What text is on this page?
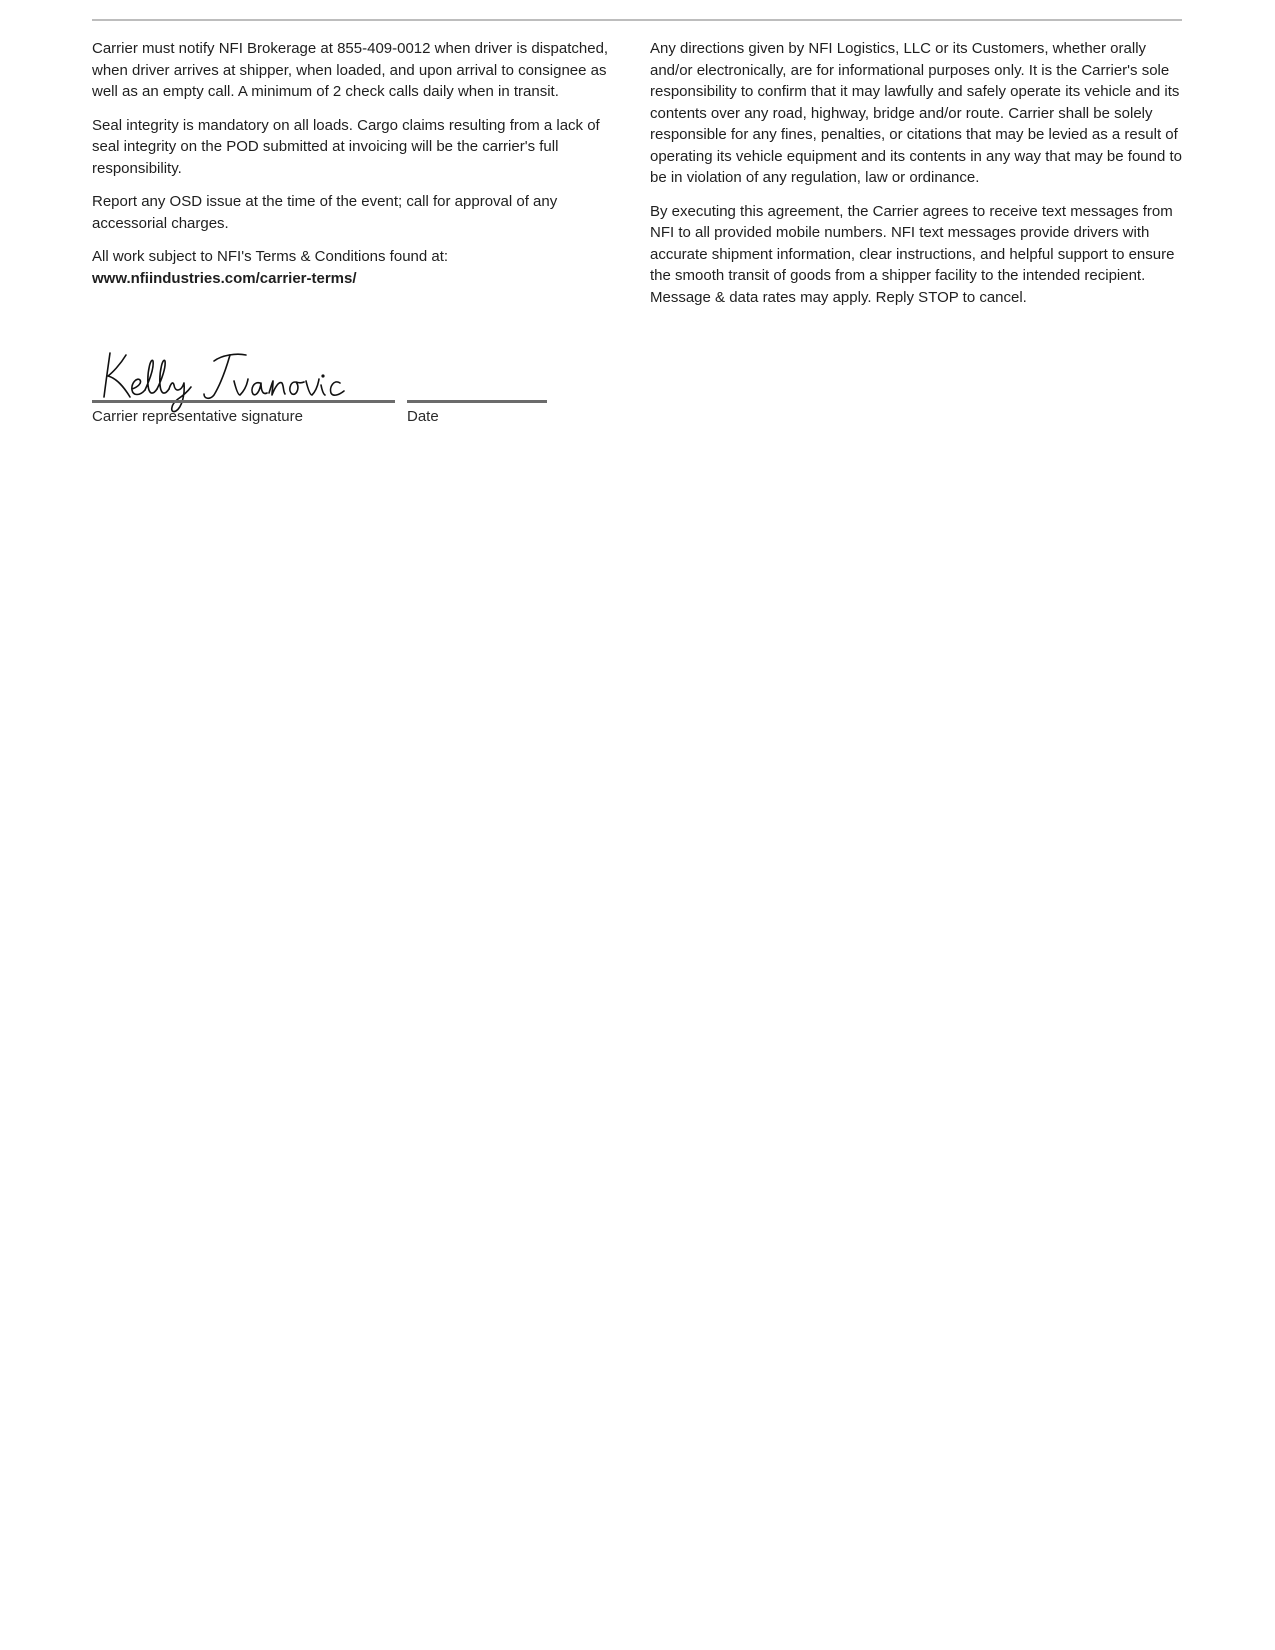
Carrier must notify NFI Brokerage at 855-409-0012 when driver is dispatched, when driver arrives at shipper, when loaded, and upon arrival to consignee as well as an empty call. A minimum of 2 check calls daily when in transit.

Seal integrity is mandatory on all loads. Cargo claims resulting from a lack of seal integrity on the POD submitted at invoicing will be the carrier's full responsibility.

Report any OSD issue at the time of the event; call for approval of any accessorial charges.

All work subject to NFI's Terms & Conditions found at:
www.nfiindustries.com/carrier-terms/

Any directions given by NFI Logistics, LLC or its Customers, whether orally and/or electronically, are for informational purposes only. It is the Carrier's sole responsibility to confirm that it may lawfully and safely operate its vehicle and its contents over any road, highway, bridge and/or route. Carrier shall be solely responsible for any fines, penalties, or citations that may be levied as a result of operating its vehicle equipment and its contents in any way that may be found to be in violation of any regulation, law or ordinance.

By executing this agreement, the Carrier agrees to receive text messages from NFI to all provided mobile numbers. NFI text messages provide drivers with accurate shipment information, clear instructions, and helpful support to ensure the smooth transit of goods from a shipper facility to the intended recipient. Message & data rates may apply. Reply STOP to cancel.

Carrier representative signature	Date
